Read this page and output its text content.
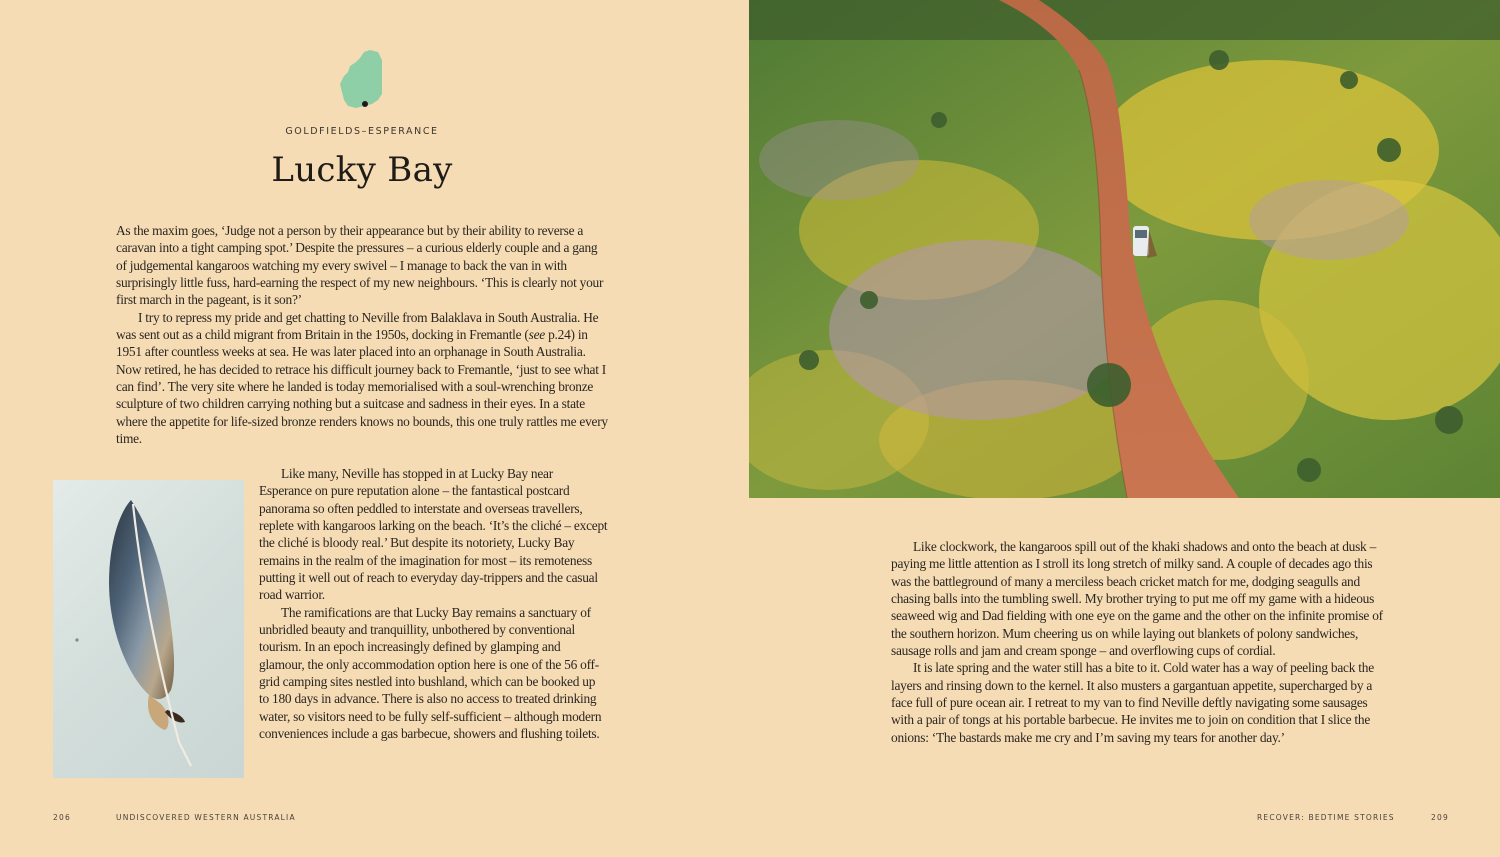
GOLDFIELDS–ESPERANCE
Lucky Bay

As the maxim goes, ‘Judge not a person by their appearance but by their ability to reverse a caravan into a tight camping spot.’ Despite the pressures – a curious elderly couple and a gang of judgemental kangaroos watching my every swivel – I manage to back the van in with surprisingly little fuss, hard-earning the respect of my new neighbours. ‘This is clearly not your first march in the pageant, is it son?’

I try to repress my pride and get chatting to Neville from Balaklava in South Australia. He was sent out as a child migrant from Britain in the 1950s, docking in Fremantle (see p.24) in 1951 after countless weeks at sea. He was later placed into an orphanage in South Australia. Now retired, he has decided to retrace his difficult journey back to Fremantle, ‘just to see what I can find’. The very site where he landed is today memorialised with a soul-wrenching bronze sculpture of two children carrying nothing but a suitcase and sadness in their eyes. In a state where the appetite for life-sized bronze renders knows no bounds, this one truly rattles me every time.

Like many, Neville has stopped in at Lucky Bay near Esperance on pure reputation alone – the fantastical postcard panorama so often peddled to interstate and overseas travellers, replete with kangaroos larking on the beach. ‘It’s the cliché – except the cliché is bloody real.’ But despite its notoriety, Lucky Bay remains in the realm of the imagination for most – its remoteness putting it well out of reach to everyday day-trippers and the casual road warrior.

The ramifications are that Lucky Bay remains a sanctuary of unbridled beauty and tranquillity, unbothered by conventional tourism. In an epoch increasingly defined by glamping and glamour, the only accommodation option here is one of the 56 off-grid camping sites nestled into bushland, which can be booked up to 180 days in advance. There is also no access to treated drinking water, so visitors need to be fully self-sufficient – although modern conveniences include a gas barbecue, showers and flushing toilets.

206	UNDISCOVERED WESTERN AUSTRALIA

Like clockwork, the kangaroos spill out of the khaki shadows and onto the beach at dusk – paying me little attention as I stroll its long stretch of milky sand. A couple of decades ago this was the battleground of many a merciless beach cricket match for me, dodging seagulls and chasing balls into the tumbling swell. My brother trying to put me off my game with a hideous seaweed wig and Dad fielding with one eye on the game and the other on the infinite promise of the southern horizon. Mum cheering us on while laying out blankets of polony sandwiches, sausage rolls and jam and cream sponge – and overflowing cups of cordial.

It is late spring and the water still has a bite to it. Cold water has a way of peeling back the layers and rinsing down to the kernel. It also musters a gargantuan appetite, supercharged by a face full of pure ocean air. I retreat to my van to find Neville deftly navigating some sausages with a pair of tongs at his portable barbecue. He invites me to join on condition that I slice the onions: ‘The bastards make me cry and I’m saving my tears for another day.’

RECOVER: BEDTIME STORIES	209
